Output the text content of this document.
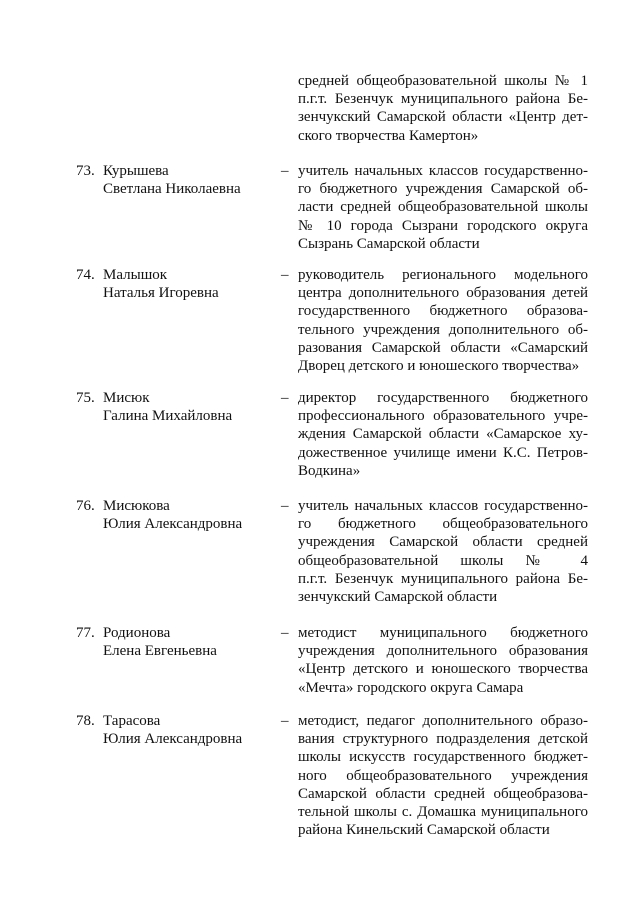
средней общеобразовательной школы № 1
п.г.т. Безенчук муниципального района Бе-
зенчукский Самарской области «Центр дет-
ского творчества Камертон»
73. Курышева
Светлана Николаевна
– учитель начальных классов государственно-
го бюджетного учреждения Самарской об-
ласти средней общеобразовательной школы
№ 10 города Сызрани городского округа
Сызрань Самарской области
74. Малышок
Наталья Игоревна
– руководитель регионального модельного
центра дополнительного образования детей
государственного бюджетного образова-
тельного учреждения дополнительного об-
разования Самарской области «Самарский
Дворец детского и юношеского творчества»
75. Мисюк
Галина Михайловна
– директор государственного бюджетного
профессионального образовательного учре-
ждения Самарской области «Самарское ху-
дожественное училище имени К.С. Петров-
Водкина»
76. Мисюкова
Юлия Александровна
– учитель начальных классов государственно-
го бюджетного общеобразовательного
учреждения Самарской области средней
общеобразовательной школы № 4
п.г.т. Безенчук муниципального района Бе-
зенчукский Самарской области
77. Родионова
Елена Евгеньевна
– методист муниципального бюджетного
учреждения дополнительного образования
«Центр детского и юношеского творчества
«Мечта» городского округа Самара
78. Тарасова
Юлия Александровна
– методист, педагог дополнительного образо-
вания структурного подразделения детской
школы искусств государственного бюджет-
ного общеобразовательного учреждения
Самарской области средней общеобразова-
тельной школы с. Домашка муниципального
района Кинельский Самарской области
